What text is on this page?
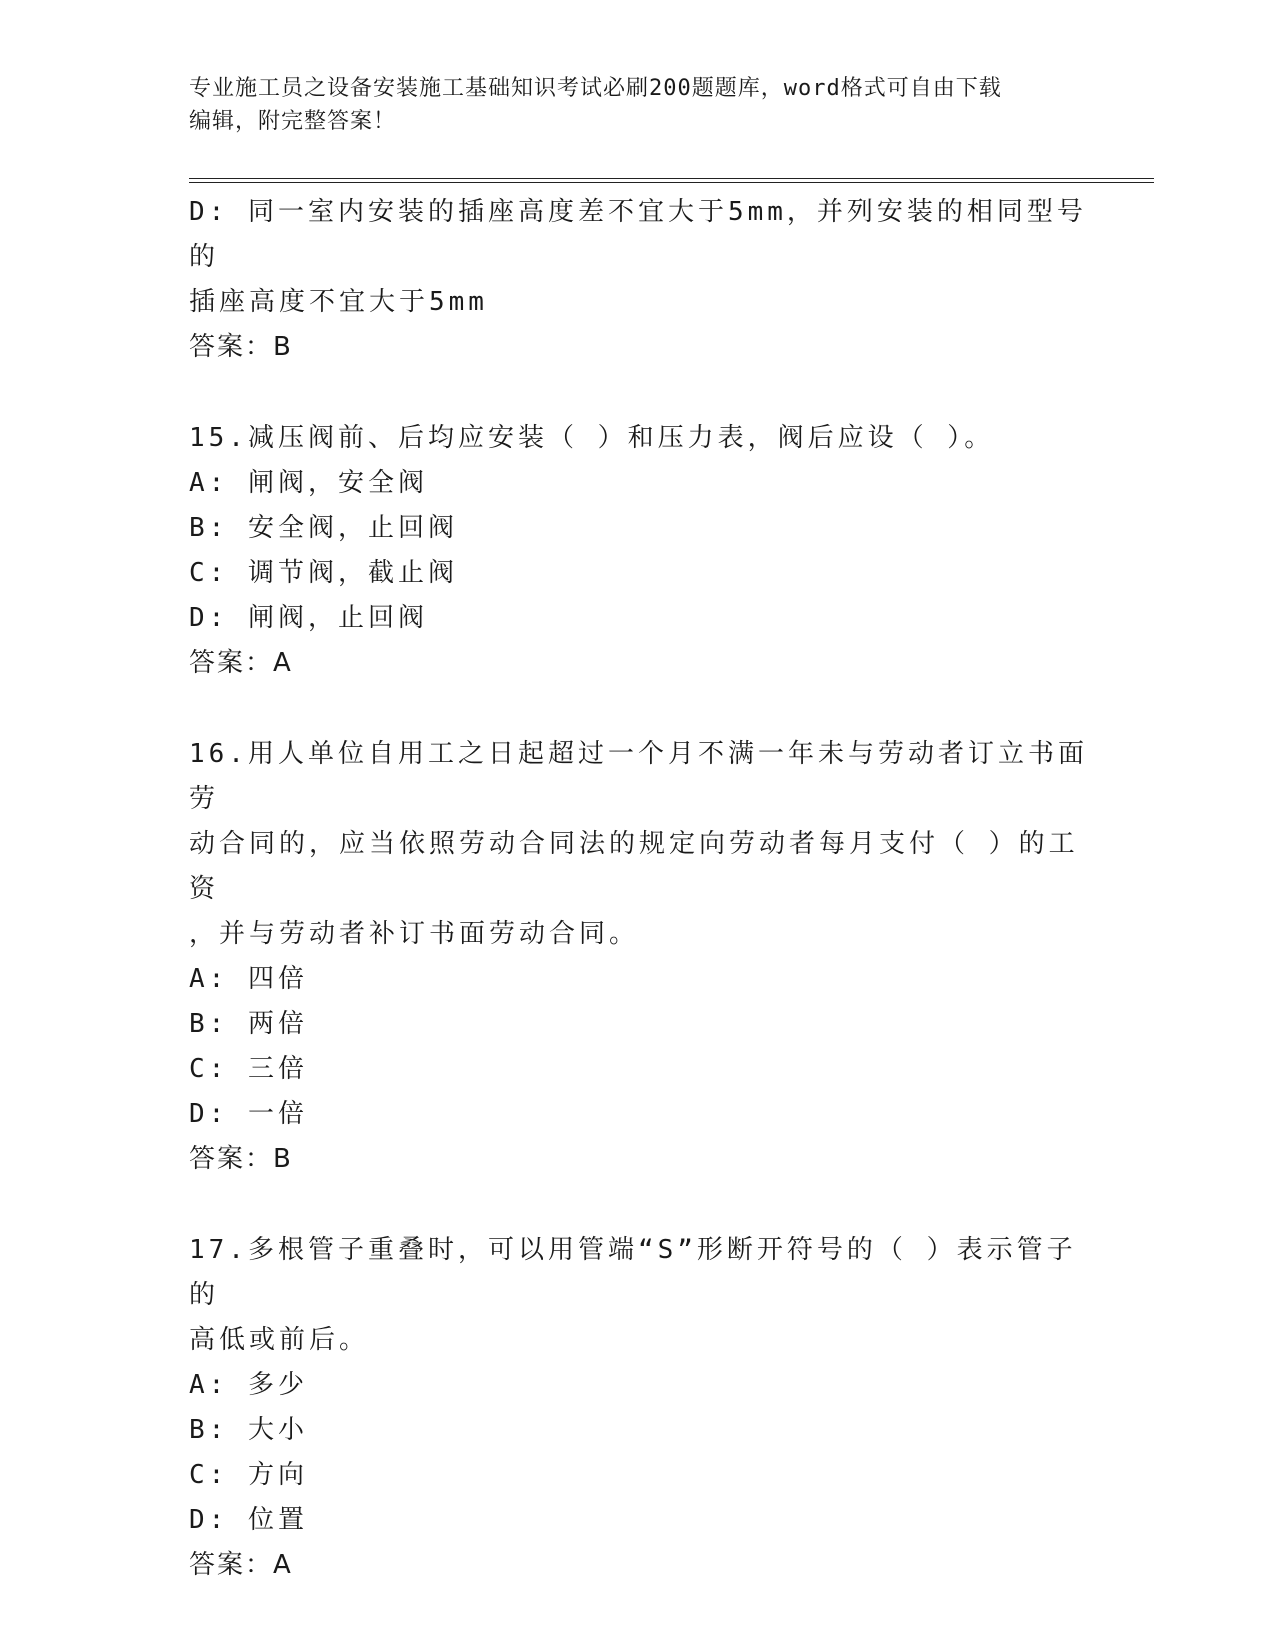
专业施工员之设备安装施工基础知识考试必刷200题题库，word格式可自由下载
编辑，附完整答案！

D: 同一室内安装的插座高度差不宜大于5mm，并列安装的相同型号的

插座高度不宜大于5mm

答案：B

15.减压阀前、后均应安装（ ）和压力表，阀后应设（ ）。

A: 闸阀，安全阀

B: 安全阀，止回阀

C: 调节阀，截止阀

D: 闸阀，止回阀

答案：A

16.用人单位自用工之日起超过一个月不满一年未与劳动者订立书面劳

动合同的，应当依照劳动合同法的规定向劳动者每月支付（ ）的工资

，并与劳动者补订书面劳动合同。

A: 四倍

B: 两倍

C: 三倍

D: 一倍

答案：B

17.多根管子重叠时，可以用管端“S”形断开符号的（ ）表示管子的

高低或前后。

A: 多少

B: 大小

C: 方向

D: 位置

答案：A
